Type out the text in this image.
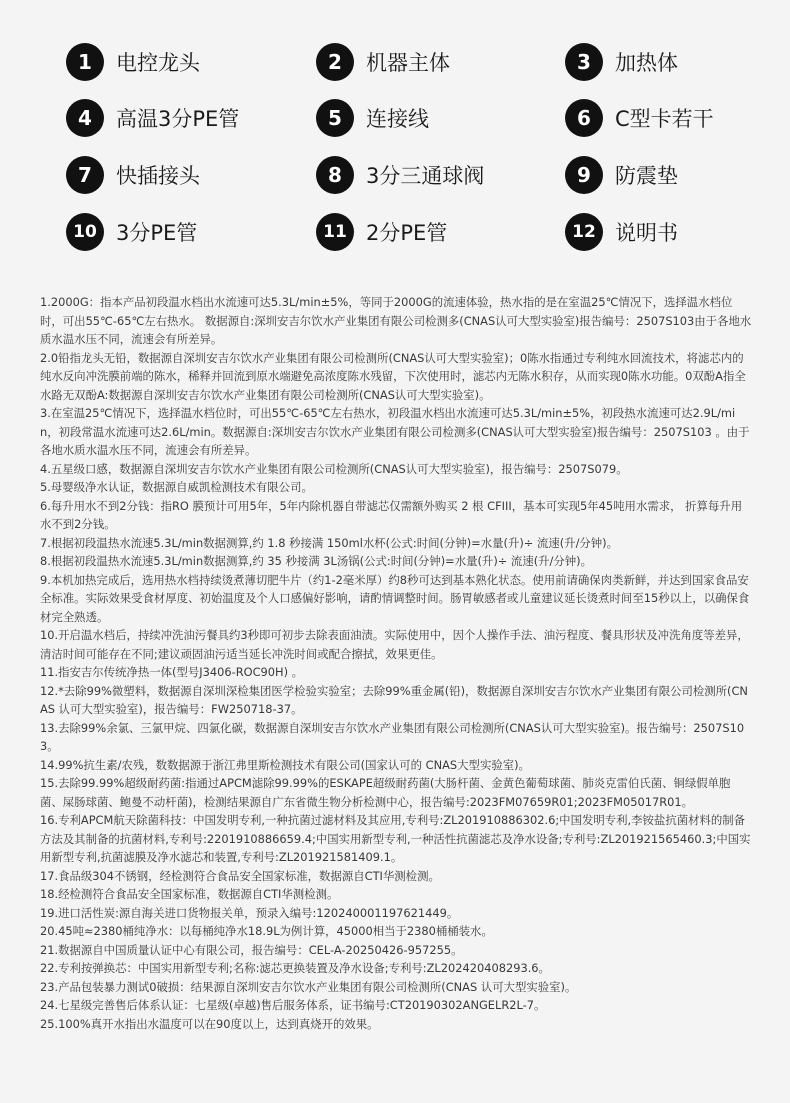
1	电控龙头	2	机器主体	3	加热体
4	高温3分PE管	5	连接线	6	C型卡若干
7	快插接头	8	3分三通球阀	9	防震垫
10 3分PE管	11 2分PE管	12 说明书

1.2000G：指本产品初段温水档出水流速可达5.3L/min±5%，等同于2000G的流速体验，热水指的是在室温25℃情况下，选择温水档位时，可出55℃-65℃左右热水。 数据源自:深圳安吉尔饮水产业集团有限公司检测多(CNAS认可大型实验室)报告编号：2507S103由于各地水质水温水压不同，流速会有所差异。

2.0铅指龙头无铅，数据源自深圳安吉尔饮水产业集团有限公司检测所(CNAS认可大型实验室)；0陈水指通过专利纯水回流技术，将滤芯内的纯水反向冲洗膜前端的陈水，稀释并回流到原水端避免高浓度陈水残留，下次使用时，滤芯内无陈水积存，从而实现0陈水功能。0双酚A指全水路无双酚A:数据源自深圳安吉尔饮水产业集团有限公司检测所(CNAS认可大型实验室)。

3.在室温25℃情况下，选择温水档位时，可出55℃-65℃左右热水，初段温水档出水流速可达5.3L/min±5%，初段热水流速可达2.9L/min，初段常温水流速可达2.6L/min。数据源自:深圳安吉尔饮水产业集团有限公司检测多(CNAS认可大型实验室)报告编号：2507S103 。由于各地水质水温水压不同，流速会有所差异。

4.五星级口感，数据源自深圳安吉尔饮水产业集团有限公司检测所(CNAS认可大型实验室)，报告编号：2507S079。

5.母婴级净水认证，数据源自威凯检测技术有限公司。

6.每升用水不到2分钱：指RO 膜预计可用5年，5年内除机器自带滤芯仅需额外购买 2 根 CFIII，基本可实现5年45吨用水需求， 折算每升用水不到2分钱。

7.根据初段温热水流速5.3L/min数据测算,约 1.8 秒接满 150ml水杯(公式:时间(分钟)=水量(升)÷ 流速(升/分钟)。

8.根据初段温热水流速5.3L/min数据测算,约 35 秒接满 3L汤锅(公式:时间(分钟)=水量(升)÷ 流速(升/分钟)。

9.本机加热完成后，选用热水档持续烫煮薄切肥牛片（约1-2毫米厚）约8秒可达到基本熟化状态。使用前请确保肉类新鲜，并达到国家食品安全标准。实际效果受食材厚度、初始温度及个人口感偏好影响，请酌情调整时间。肠胃敏感者或儿童建议延长烫煮时间至15秒以上，以确保食材完全熟透。

10.开启温水档后，持续冲洗油污餐具约3秒即可初步去除表面油渍。实际使用中，因个人操作手法、油污程度、餐具形状及冲洗角度等差异，清洁时间可能存在不同;建议顽固油污适当延长冲洗时间或配合擦拭，效果更佳。

11.指安吉尔传统净热一体(型号J3406-ROC90H) 。

12.*去除99%微塑料，数据源自深圳深检集团医学检验实验室；去除99%重金属(铅)，数据源自深圳安吉尔饮水产业集团有限公司检测所(CNAS 认可大型实验室)，报告编号：FW250718-37。

13.去除99%余氯、三氯甲烷、四氯化碳，数据源自深圳安吉尔饮水产业集团有限公司检测所(CNAS认可大型实验室)。报告编号：2507S103。

14.99%抗生素/农残，数数据源于浙江弗里斯检测技术有限公司(国家认可的 CNAS大型实验室)。

15.去除99.99%超级耐药菌:指通过APCM滤除99.99%的ESKAPE超级耐药菌(大肠杆菌、金黄色葡萄球菌、肺炎克雷伯氏菌、铜绿假单胞菌、屎肠球菌、鲍曼不动杆菌)，检测结果源自广东省微生物分析检测中心，报告编号:2023FM07659R01;2023FM05017R01。

16.专利APCM航天除菌科技：中国发明专利,一种抗菌过滤材料及其应用,专利号:ZL201910886302.6;中国发明专利,李铵盐抗菌材料的制备方法及其制备的抗菌材料,专利号:2201910886659.4;中国实用新型专利,一种活性抗菌滤芯及净水设备;专利号:ZL201921565460.3;中国实用新型专利,抗菌滤膜及净水滤芯和装置,专利号:ZL201921581409.1。

17.食品级304不锈钢，经检测符合食品安全国家标准，数据源自CTI华测检测。

18.经检测符合食品安全国家标准，数据源自CTI华测检测。

19.进口活性炭:源自海关进口货物报关单，预录入编号:120240001197621449。

20.45吨≈2380桶纯净水：以每桶纯净水18.9L为例计算，45000相当于2380桶桶装水。

21.数据源自中国质量认证中心有限公司，报告编号：CEL-A-20250426-957255。

22.专利按弹换芯：中国实用新型专利;名称:滤芯更换装置及净水设备;专利号:ZL202420408293.6。

23.产品包装暴力测试0破损：结果源自深圳安吉尔饮水产业集团有限公司检测所(CNAS 认可大型实验室)。

24.七星级完善售后体系认证：七星级(卓越)售后服务体系，证书编号:CT20190302ANGELR2L-7。

25.100%真开水指出水温度可以在90度以上，达到真烧开的效果。
